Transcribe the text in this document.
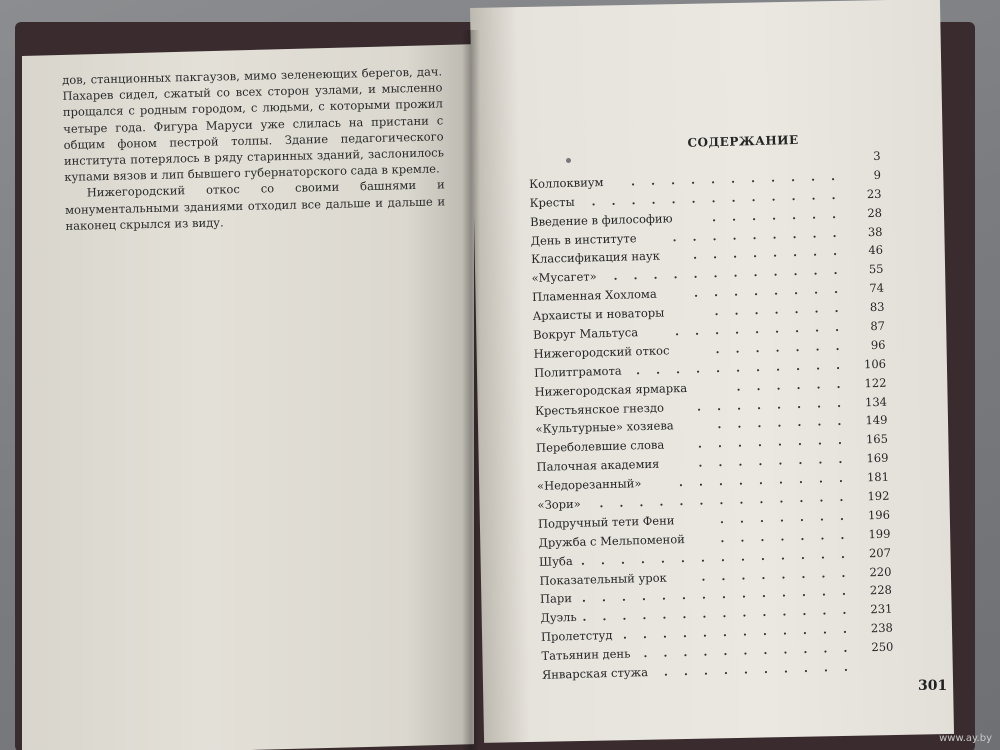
дов, станционных пакгаузов, мимо зеленеющих берегов, дач. Пахарев сидел, сжатый со всех сторон узлами, и мысленно прощался с родным городом, с людьми, с которыми прожил четыре года. Фигура Маруси уже слилась на пристани с общим фоном пестрой толпы. Здание педагогического института потерялось в ряду старинных зданий, заслонилось купами вязов и лип бывшего губернаторского сада в кремле.

Нижегородский откос со своими башнями и монументальными зданиями отходил все дальше и дальше и наконец скрылся из виду.

СОДЕРЖАНИЕ
3
Коллоквиум . . . . . . . . . . .	9
Кресты . . . . . . . . . . . . .	23
Введение в философию	. . . . . . .	28
День в институте	. . . . . . . . .	38
Классификация наук	. . . . . . . .	46
«Мусагет» . . . . . . . . . . . .	55
Пламенная Хохлома	. . . . . . . .	74
Архаисты и новаторы	. . . . . . .	83
Вокруг Мальтуса	. . . . . . . . .	87
Нижегородский откос	. . . . . . .	96
Политграмота . . . . . . . . . . .	106
Нижегородская ярмарка	. . . . . .	122
Крестьянское гнездо	. . . . . . . .	134
«Культурные» хозяева	. . . . . . .	149
Переболевшие слова	. . . . . . . .	165
Палочная академия	. . . . . . . .	169
«Недорезанный»	. . . . . . . . .	181
«Зори» . . . . . . . . . . . . .	192
Подручный тети Фени	. . . . . . .	196
Дружба с Мельпоменой	. . . . . . .	199
Шуба . . . . . . . . . . . . . .	207
Показательный урок	. . . . . . . .	220
Пари . . . . . . . . . . . . . .	228
Дуэль . . . . . . . . . . . . . .	231
Пролетстуд . . . . . . . . . . . .	238
Татьянин день . . . . . . . . . . .	250
Январская стужа . . . . . . . . . .
301
www.ay.by
